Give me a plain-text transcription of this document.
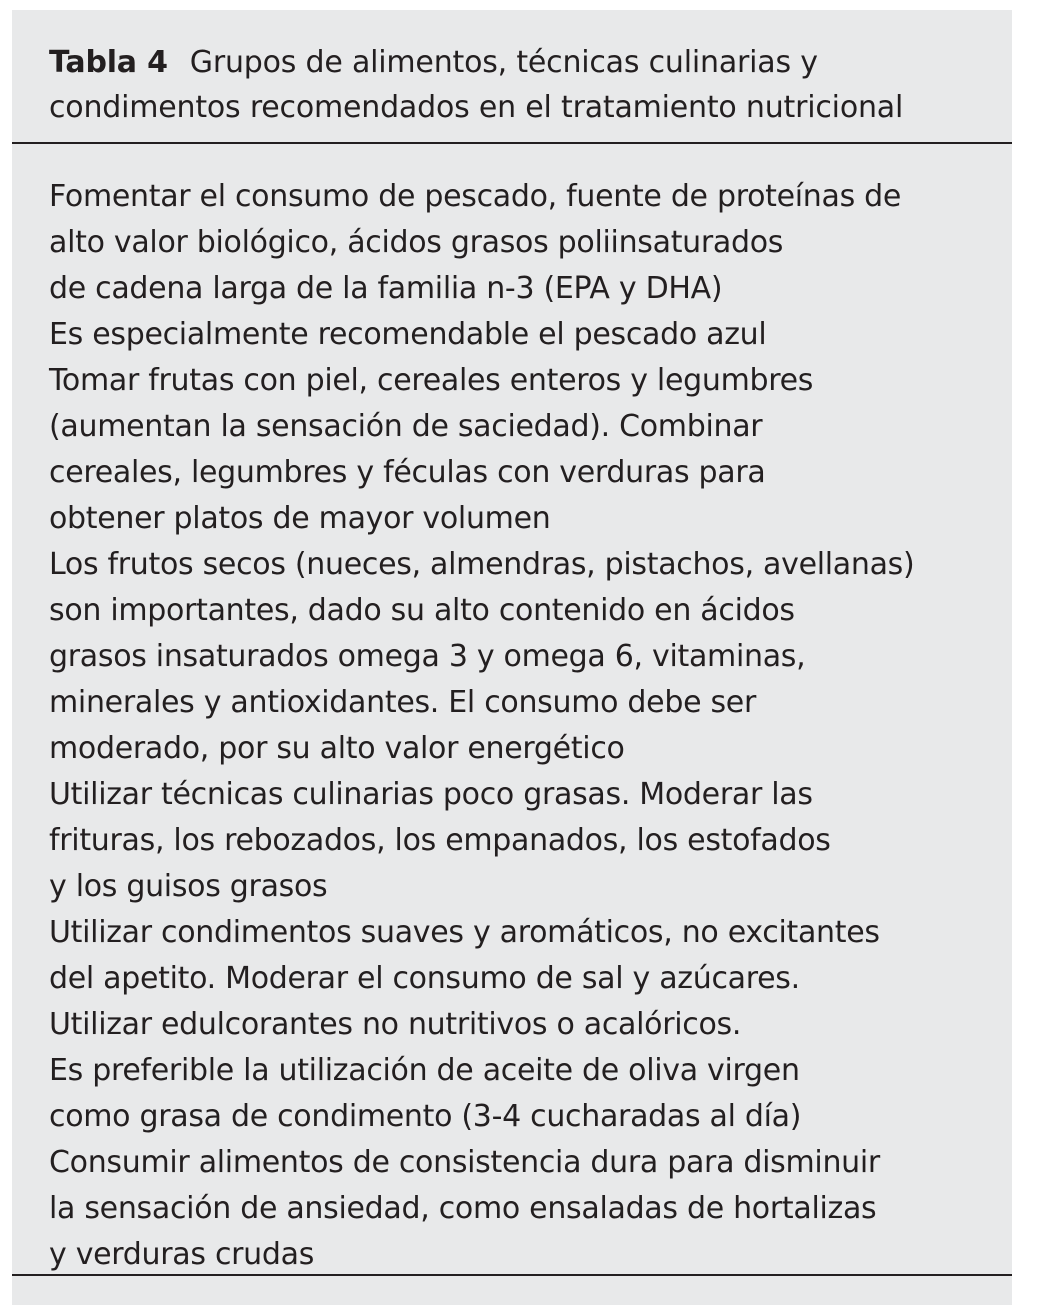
Tabla 4 Grupos de alimentos, técnicas culinarias y
condimentos recomendados en el tratamiento nutricional

Fomentar el consumo de pescado, fuente de proteínas de
alto valor biológico, ácidos grasos poliinsaturados
de cadena larga de la familia n-3 (EPA y DHA)
Es especialmente recomendable el pescado azul
Tomar frutas con piel, cereales enteros y legumbres
(aumentan la sensación de saciedad). Combinar
cereales, legumbres y féculas con verduras para
obtener platos de mayor volumen
Los frutos secos (nueces, almendras, pistachos, avellanas)
son importantes, dado su alto contenido en ácidos
grasos insaturados omega 3 y omega 6, vitaminas,
minerales y antioxidantes. El consumo debe ser
moderado, por su alto valor energético
Utilizar técnicas culinarias poco grasas. Moderar las
frituras, los rebozados, los empanados, los estofados
y los guisos grasos
Utilizar condimentos suaves y aromáticos, no excitantes
del apetito. Moderar el consumo de sal y azúcares.
Utilizar edulcorantes no nutritivos o acalóricos.
Es preferible la utilización de aceite de oliva virgen
como grasa de condimento (3-4 cucharadas al día)
Consumir alimentos de consistencia dura para disminuir
la sensación de ansiedad, como ensaladas de hortalizas
y verduras crudas
